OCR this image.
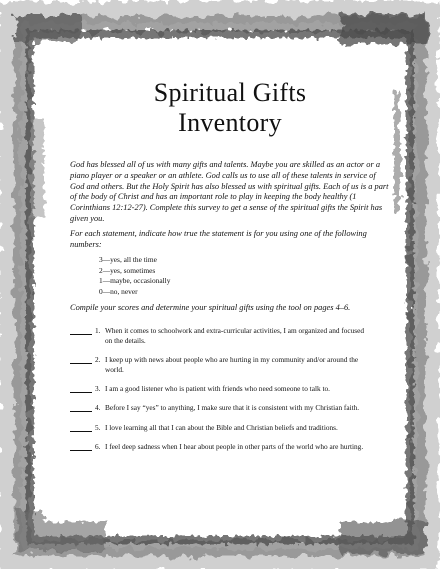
Spiritual Gifts
Inventory

God has blessed all of us with many gifts and talents. Maybe you are skilled as an actor or a piano player or a speaker or an athlete. God calls us to use all of these talents in service of God and others. But the Holy Spirit has also blessed us with spiritual gifts. Each of us is a part of the body of Christ and has an important role to play in keeping the body healthy (1 Corinthians 12:12-27). Complete this survey to get a sense of the spiritual gifts the Spirit has given you.

For each statement, indicate how true the statement is for you using one of the following numbers:

3—yes, all the time
2—yes, sometimes
1—maybe, occasionally
0—no, never

Compile your scores and determine your spiritual gifts using the tool on pages 4–6.

1. When it comes to schoolwork and extra-curricular activities, I am organized and focused on the details.
2. I keep up with news about people who are hurting in my community and/or around the world.
3. I am a good listener who is patient with friends who need someone to talk to.
4. Before I say “yes” to anything, I make sure that it is consistent with my Christian faith.
5. I love learning all that I can about the Bible and Christian beliefs and traditions.
6. I feel deep sadness when I hear about people in other parts of the world who are hurting.
